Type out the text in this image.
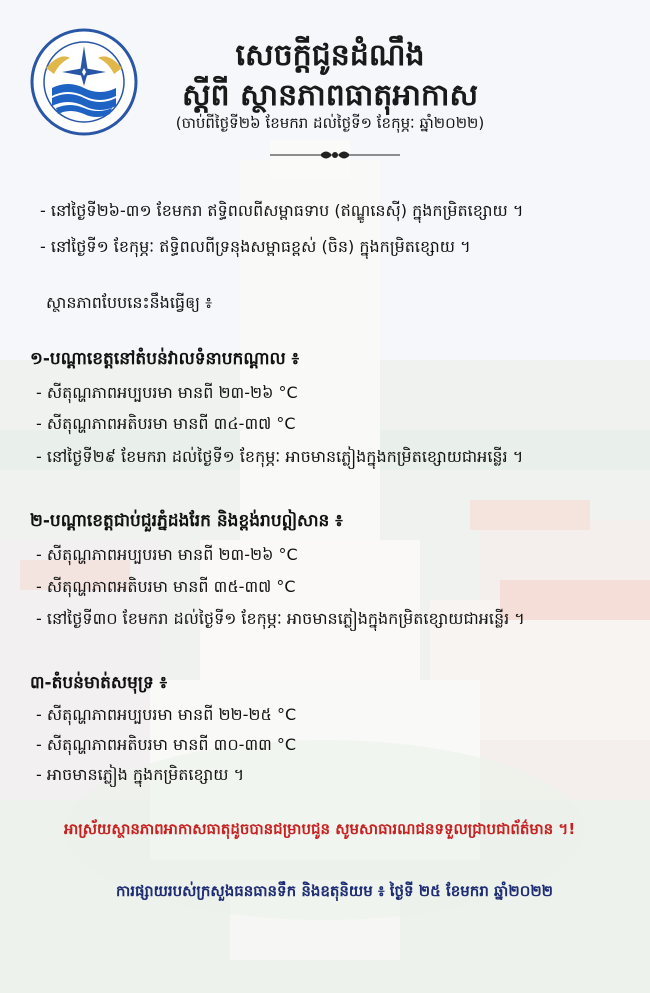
សេចក្តីជូនដំណឹង
ស្តីពី ស្ថានភាពធាតុអាកាស
(ចាប់ពីថ្ងៃទី២៦ ខែមករា ដល់ថ្ងៃទី១ ខែកុម្ភៈ ឆ្នាំ២០២២)
- នៅថ្ងៃទី២៦-៣១ ខែមករា ឥទ្ធិពលពីសម្ពាធទាប (ឥណ្ឌូនេស៊ី) ក្នុងកម្រិតខ្សោយ ។
- នៅថ្ងៃទី១ ខែកុម្ភៈ ឥទ្ធិពលពីទ្រនុងសម្ពាធខ្ពស់ (ចិន) ក្នុងកម្រិតខ្សោយ ។
ស្ថានភាពបែបនេះនឹងធ្វើឲ្យ ៖
១-បណ្តាខេត្តនៅតំបន់វាលទំនាបកណ្តាល ៖
- សីតុណ្ហភាពអប្បបរមា មានពី ២៣-២៦ °C
- សីតុណ្ហភាពអតិបរមា មានពី ៣៤-៣៧ °C
- នៅថ្ងៃទី២៩ ខែមករា ដល់ថ្ងៃទី១ ខែកុម្ភៈ អាចមានភ្លៀងក្នុងកម្រិតខ្សោយជាអន្លើរ ។
២-បណ្តាខេត្តជាប់ជួរភ្នំដងរែក និងខ្ពង់រាបឦសាន ៖
- សីតុណ្ហភាពអប្បបរមា មានពី ២៣-២៦ °C
- សីតុណ្ហភាពអតិបរមា មានពី ៣៥-៣៧ °C
- នៅថ្ងៃទី៣០ ខែមករា ដល់ថ្ងៃទី១ ខែកុម្ភៈ អាចមានភ្លៀងក្នុងកម្រិតខ្សោយជាអន្លើរ ។
៣-តំបន់មាត់សមុទ្រ ៖
- សីតុណ្ហភាពអប្បបរមា មានពី ២២-២៥ °C
- សីតុណ្ហភាពអតិបរមា មានពី ៣០-៣៣ °C
- អាចមានភ្លៀង ក្នុងកម្រិតខ្សោយ ។
អាស្រ័យស្ថានភាពអាកាសធាតុដូចបានជម្រាបជូន សូមសាធារណជនទទួលជ្រាបជាព័ត៌មាន ។!
ការផ្សាយរបស់ក្រសួងធនធានទឹក និងឧតុនិយម ៖ ថ្ងៃទី ២៥ ខែមករា ឆ្នាំ២០២២
